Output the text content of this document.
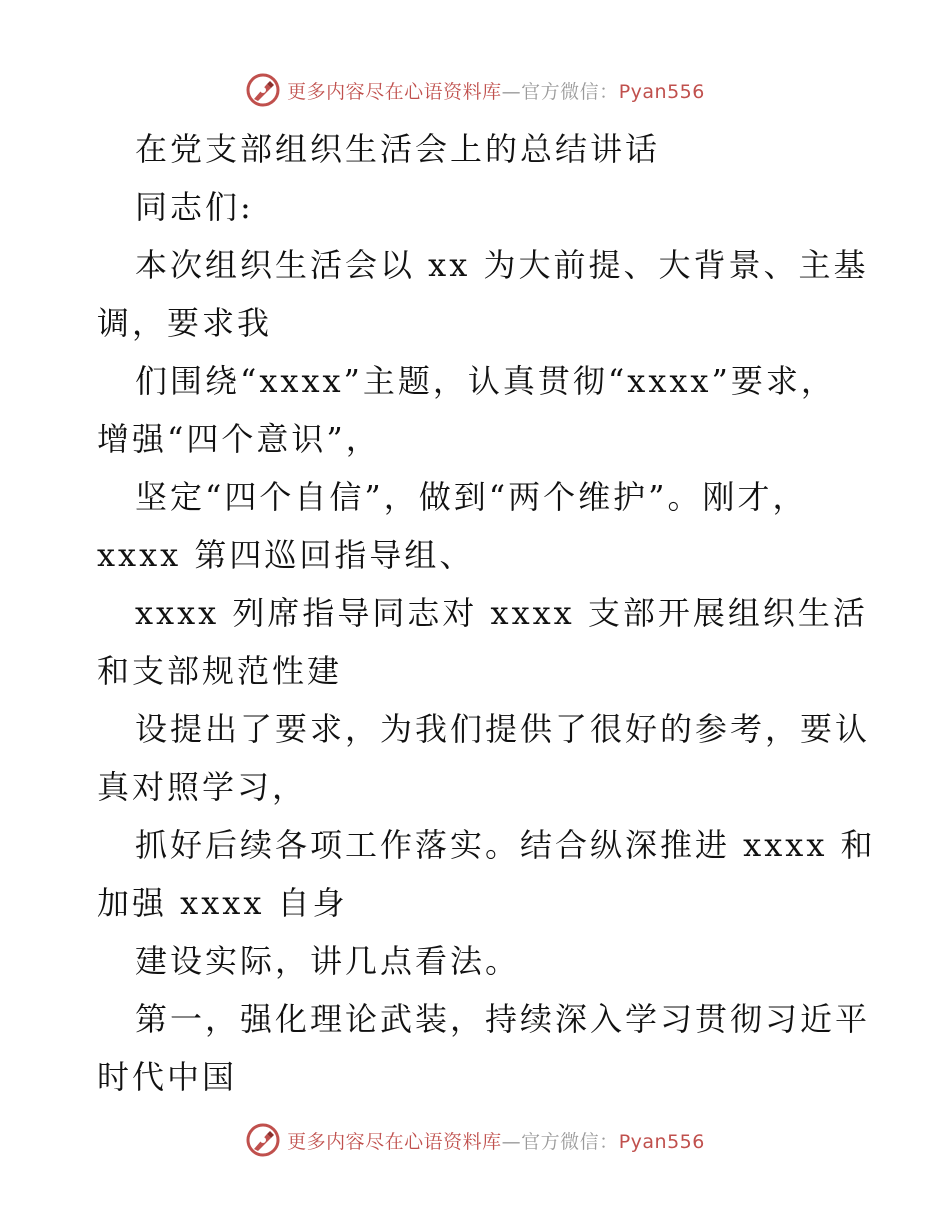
更多内容尽在心语资料库—官方微信：Pyan556
在党支部组织生活会上的总结讲话
同志们:
本次组织生活会以 xx 为大前提、大背景、主基
调，要求我
们围绕“xxxx”主题，认真贯彻“xxxx”要求，
增强“四个意识”，
坚定“四个自信”，做到“两个维护”。刚才，
xxxx 第四巡回指导组、
xxxx 列席指导同志对 xxxx 支部开展组织生活
和支部规范性建
设提出了要求，为我们提供了很好的参考，要认
真对照学习，
抓好后续各项工作落实。结合纵深推进 xxxx 和
加强 xxxx 自身
建设实际，讲几点看法。
第一，强化理论武装，持续深入学习贯彻习近平
时代中国
更多内容尽在心语资料库—官方微信：Pyan556
